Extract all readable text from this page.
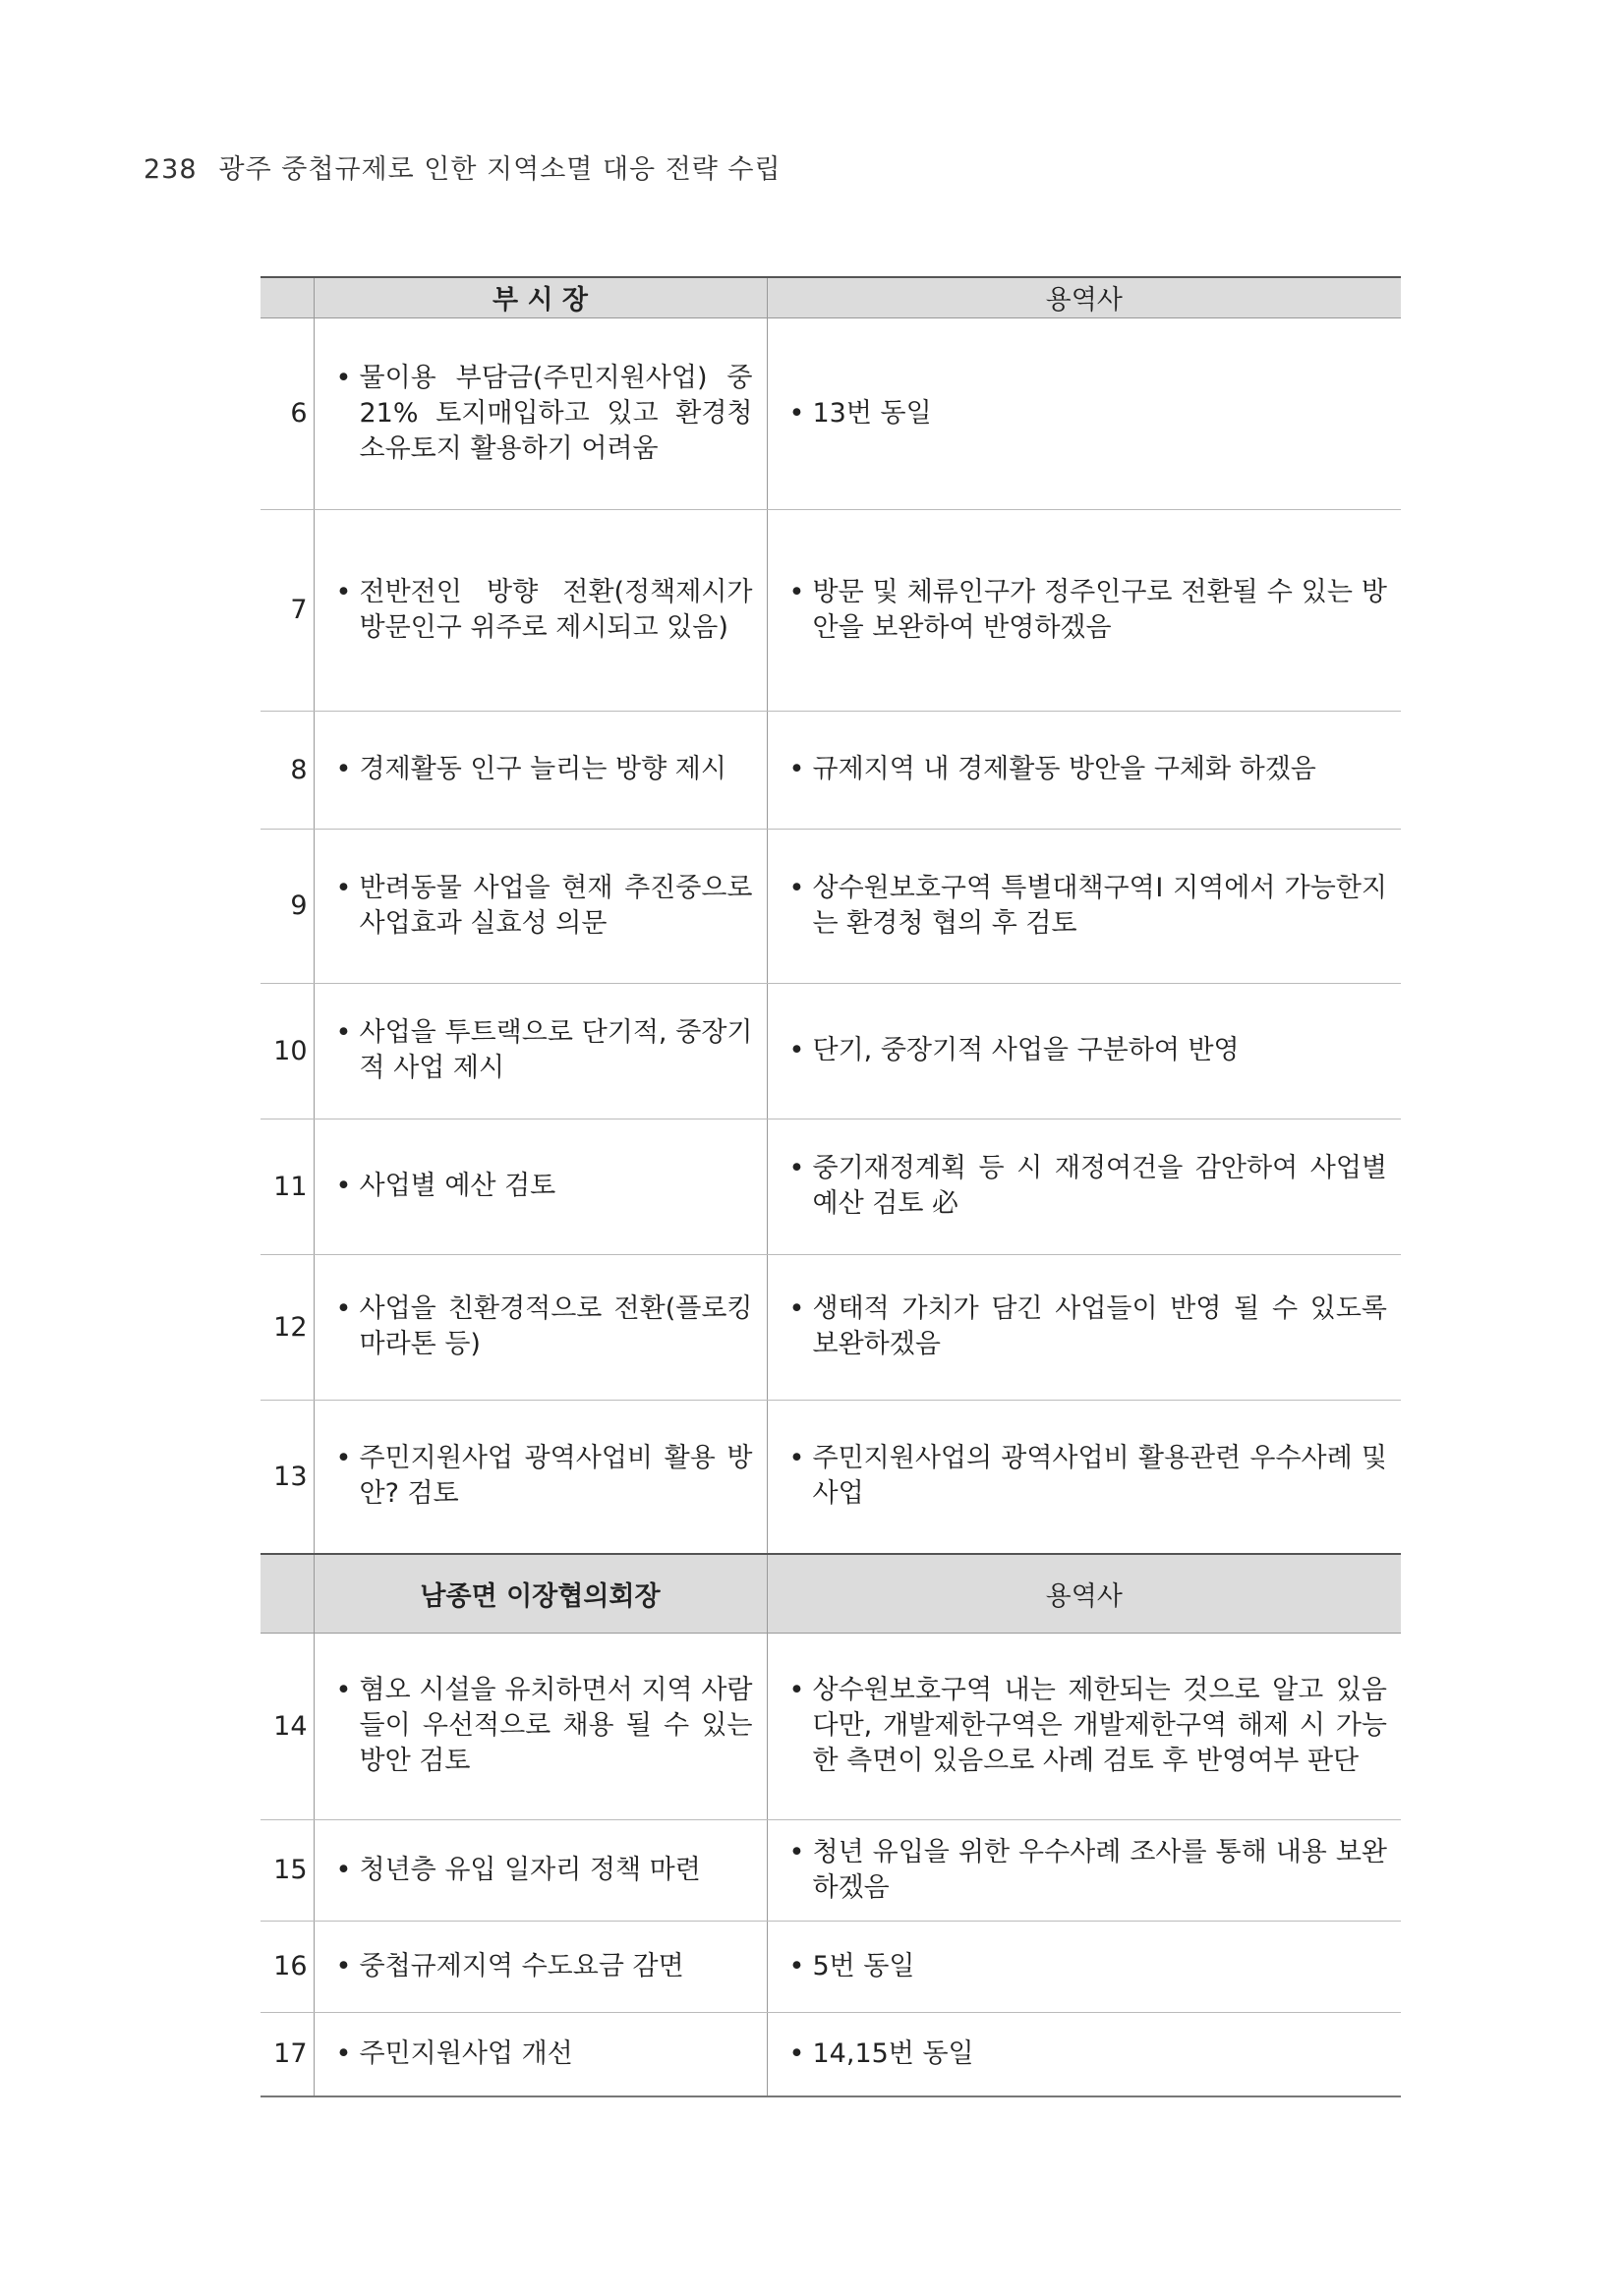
238 광주 중첩규제로 인한 지역소멸 대응 전략 수립
	부 시 장	용역사
6	• 물이용 부담금(주민지원사업) 중 21% 토지매입하고 있고 환경청 소유토지 활용하기 어려움	• 13번 동일

7	• 전반전인 방향 전환(정책제시가 방문인구 위주로 제시되고 있음)	• 방문 및 체류인구가 정주인구로 전환될 수 있는 방안을 보완하여 반영하겠음

8	• 경제활동 인구 늘리는 방향 제시	• 규제지역 내 경제활동 방안을 구체화 하겠음

9	• 반려동물 사업을 현재 추진중으로 사업효과 실효성 의문	• 상수원보호구역 특별대책구역Ⅰ 지역에서 가능한지는 환경청 협의 후 검토

10	• 사업을 투트랙으로 단기적, 중장기적 사업 제시	• 단기, 중장기적 사업을 구분하여 반영

11	• 사업별 예산 검토	• 중기재정계획 등 시 재정여건을 감안하여 사업별 예산 검토 必

12	• 사업을 친환경적으로 전환(플로킹 마라톤 등)	• 생태적 가치가 담긴 사업들이 반영 될 수 있도록 보완하겠음

13	• 주민지원사업 광역사업비 활용 방안? 검토	• 주민지원사업의 광역사업비 활용관련 우수사례 및 사업

	남종면 이장협의회장	용역사
14	• 혐오 시설을 유치하면서 지역 사람들이 우선적으로 채용 될 수 있는 방안 검토	• 상수원보호구역 내는 제한되는 것으로 알고 있음 다만, 개발제한구역은 개발제한구역 해제 시 가능한 측면이 있음으로 사례 검토 후 반영여부 판단

15	• 청년층 유입 일자리 정책 마련	• 청년 유입을 위한 우수사례 조사를 통해 내용 보완하겠음

16	• 중첩규제지역 수도요금 감면	• 5번 동일

17	• 주민지원사업 개선	• 14,15번 동일
